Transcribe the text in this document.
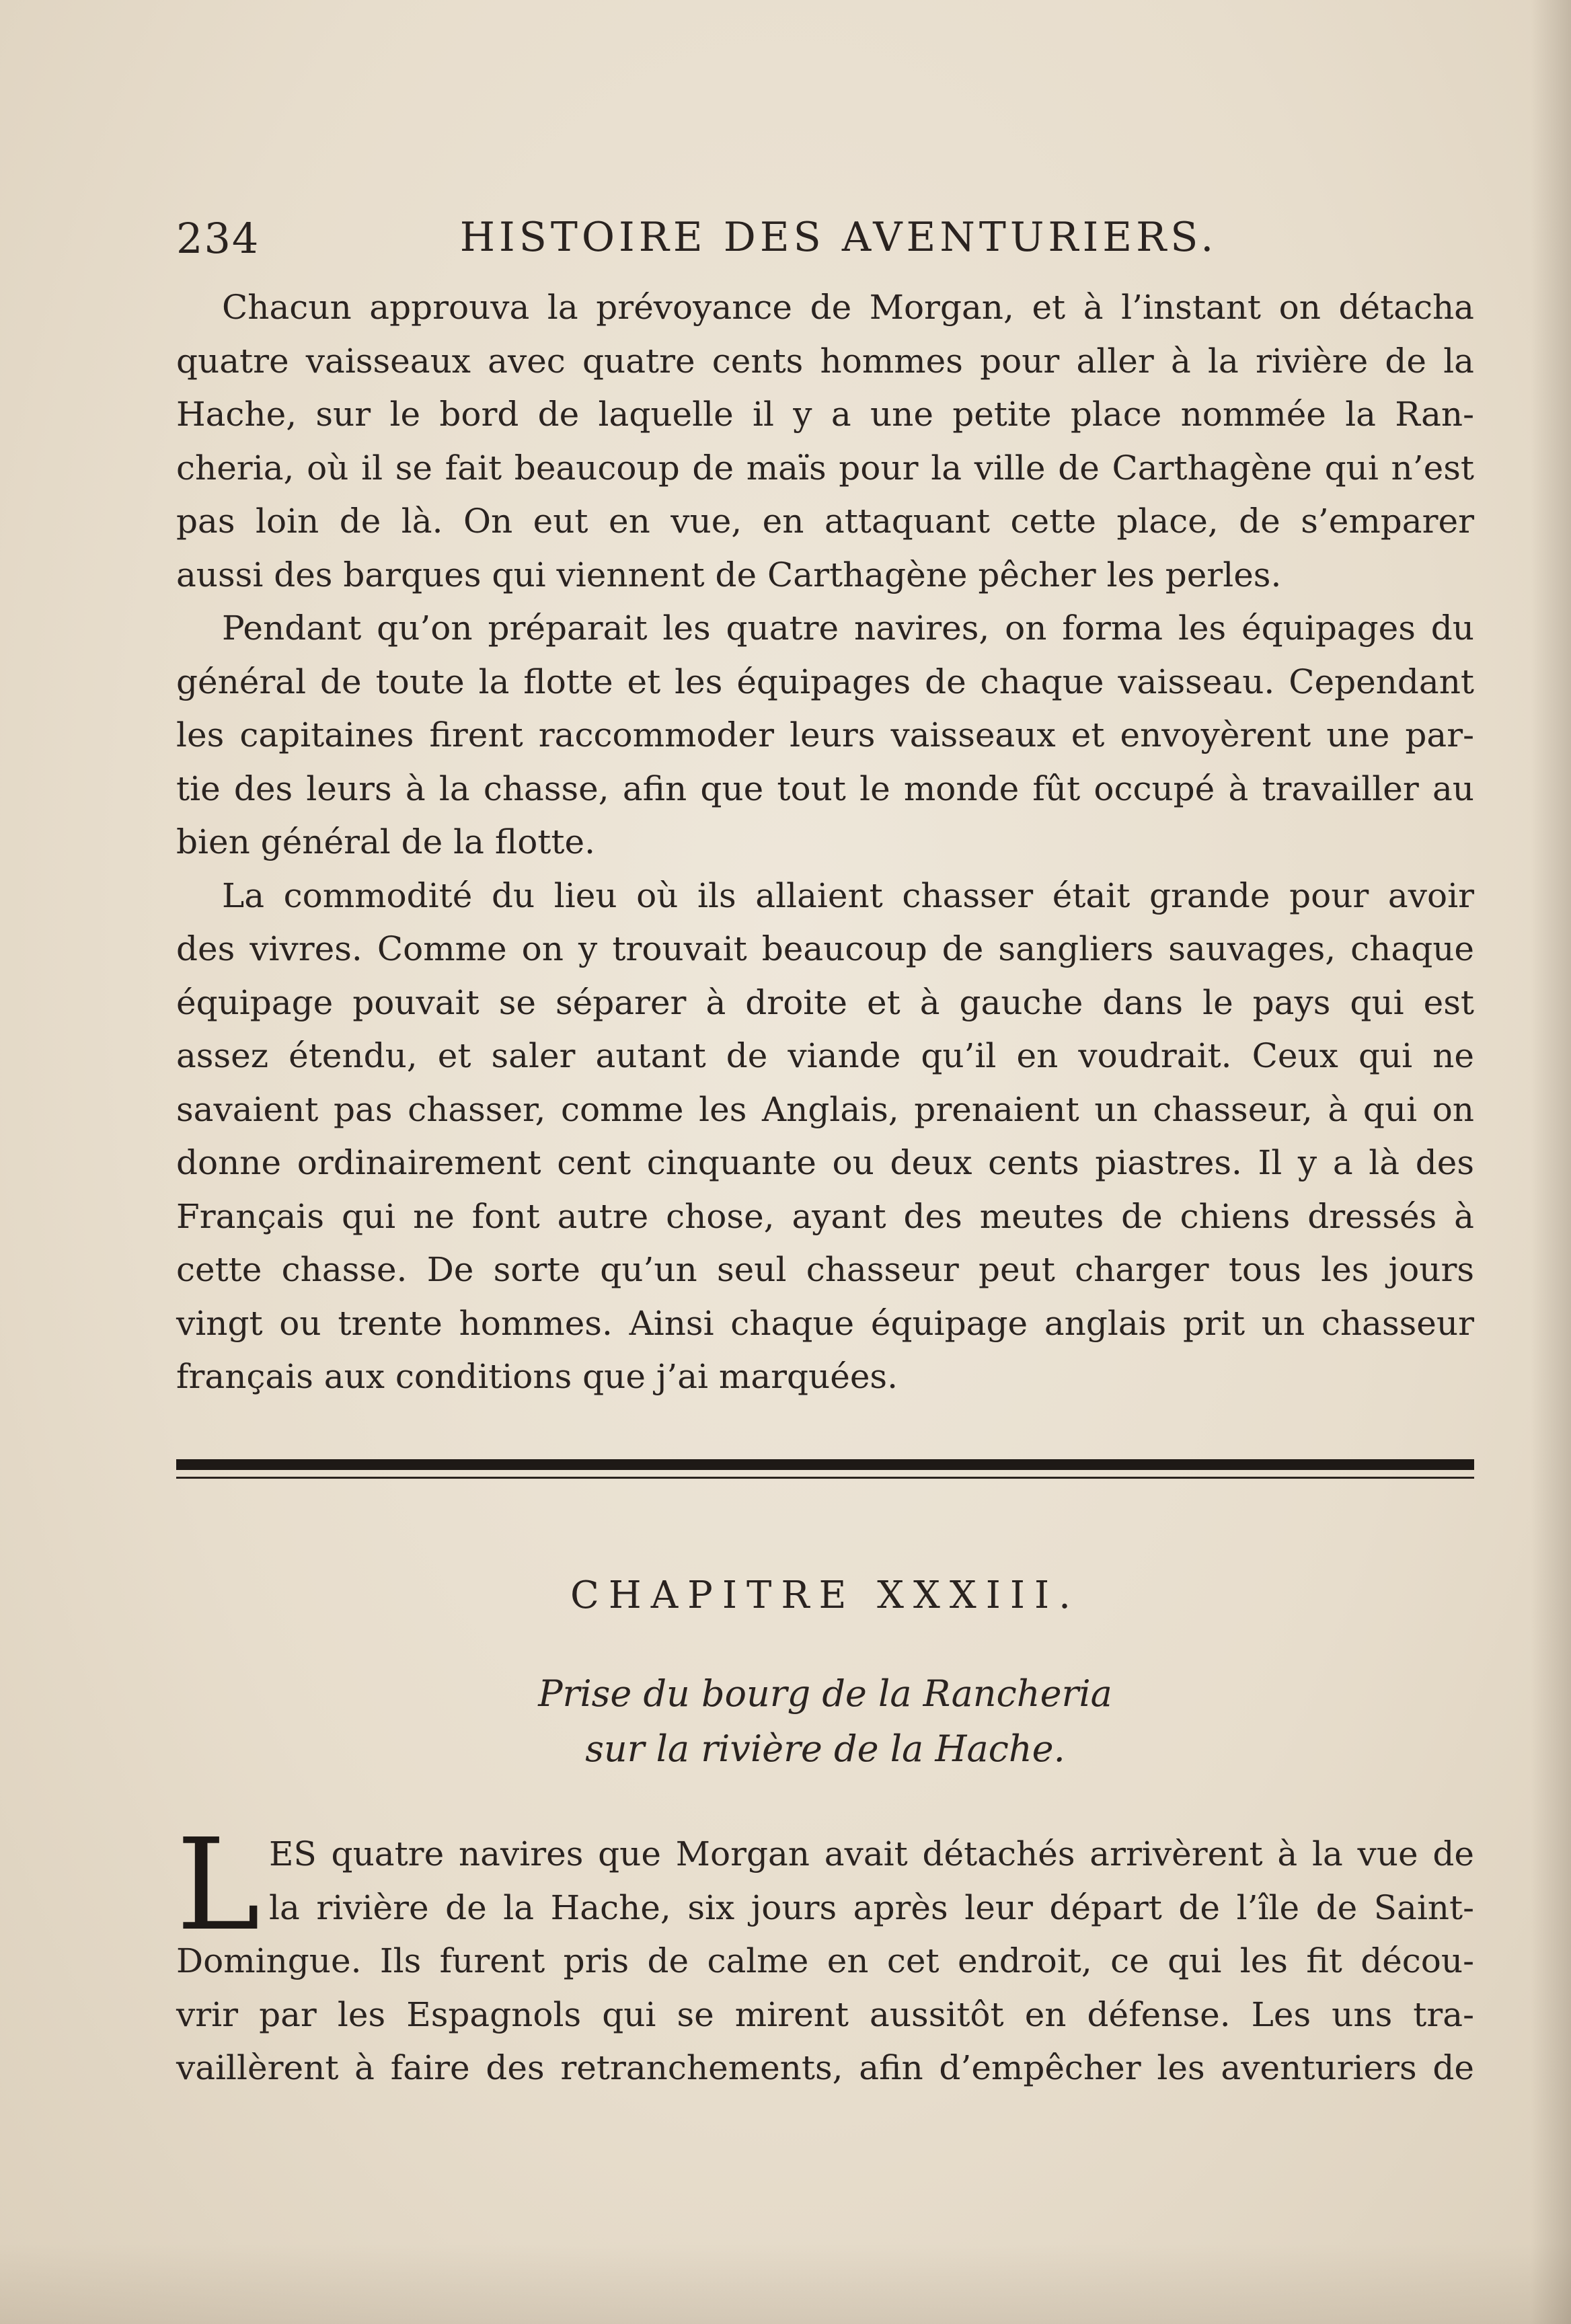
234	HISTOIRE DES AVENTURIERS.

Chacun approuva la prévoyance de Morgan, et à l’instant on détacha
quatre vaisseaux avec quatre cents hommes pour aller à la rivière de la
Hache, sur le bord de laquelle il y a une petite place nommée la Ran-
cheria, où il se fait beaucoup de maïs pour la ville de Carthagène qui n’est
pas loin de là. On eut en vue, en attaquant cette place, de s’emparer
aussi des barques qui viennent de Carthagène pêcher les perles.

Pendant qu’on préparait les quatre navires, on forma les équipages du
général de toute la flotte et les équipages de chaque vaisseau. Cependant
les capitaines firent raccommoder leurs vaisseaux et envoyèrent une par-
tie des leurs à la chasse, afin que tout le monde fût occupé à travailler au
bien général de la flotte.

La commodité du lieu où ils allaient chasser était grande pour avoir
des vivres. Comme on y trouvait beaucoup de sangliers sauvages, chaque
équipage pouvait se séparer à droite et à gauche dans le pays qui est
assez étendu, et saler autant de viande qu’il en voudrait. Ceux qui ne
savaient pas chasser, comme les Anglais, prenaient un chasseur, à qui on
donne ordinairement cent cinquante ou deux cents piastres. Il y a là des
Français qui ne font autre chose, ayant des meutes de chiens dressés à
cette chasse. De sorte qu’un seul chasseur peut charger tous les jours
vingt ou trente hommes. Ainsi chaque équipage anglais prit un chasseur
français aux conditions que j’ai marquées.

CHAPITRE XXXIII.
Prise du bourg de la Rancheria
sur la rivière de la Hache.
L ES quatre navires que Morgan avait détachés arrivèrent à la vue de
la rivière de la Hache, six jours après leur départ de l’île de Saint-
Domingue. Ils furent pris de calme en cet endroit, ce qui les fit décou-
vrir par les Espagnols qui se mirent aussitôt en défense. Les uns tra-
vaillèrent à faire des retranchements, afin d’empêcher les aventuriers de
